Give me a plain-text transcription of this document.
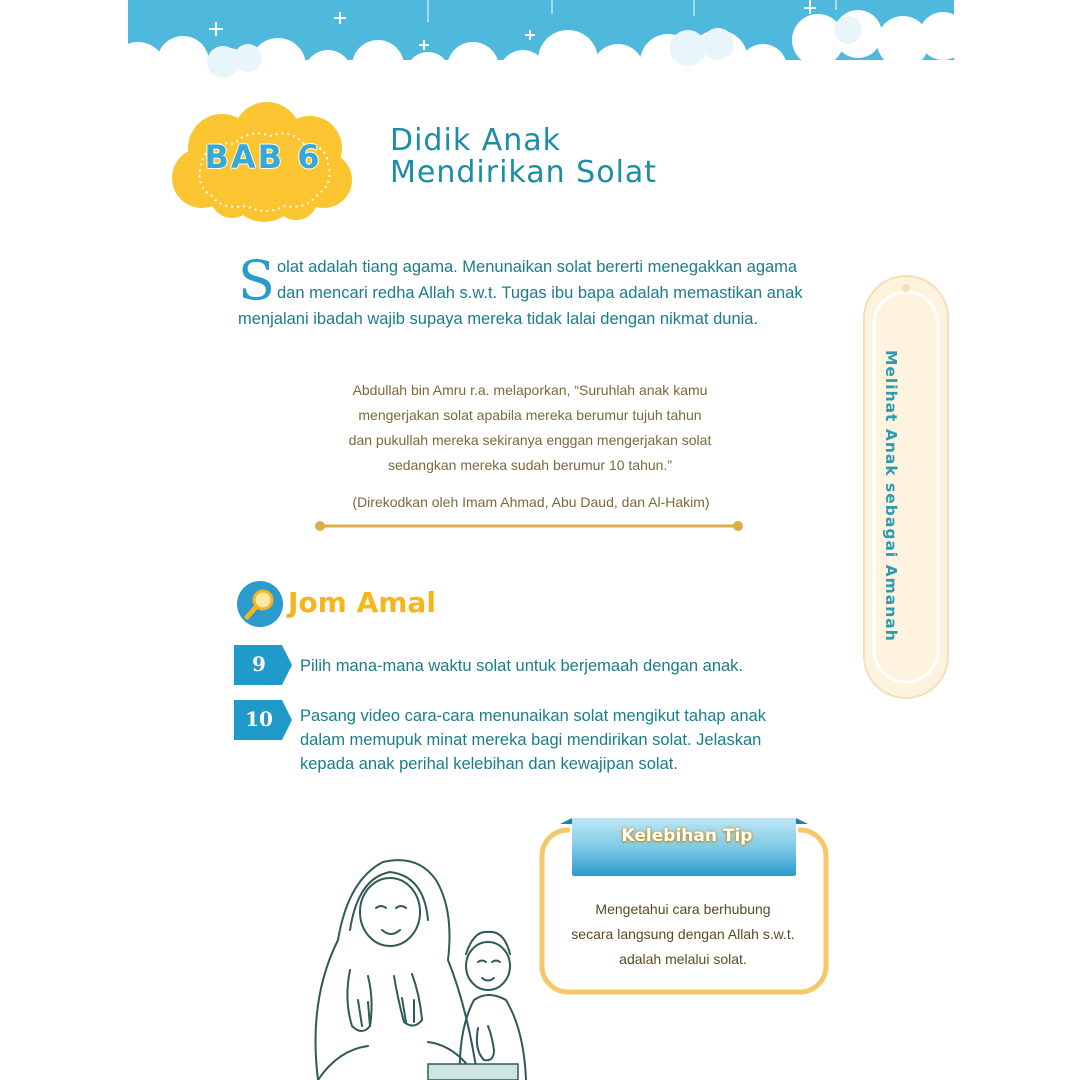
BAB 6	Didik Anak
Mendirikan Solat
Solat adalah tiang agama. Menunaikan solat bererti menegakkan agama dan mencari redha Allah s.w.t. Tugas ibu bapa adalah memastikan anak menjalani ibadah wajib supaya mereka tidak lalai dengan nikmat dunia.
Abdullah bin Amru r.a. melaporkan, “Suruhlah anak kamu
mengerjakan solat apabila mereka berumur tujuh tahun
dan pukullah mereka sekiranya enggan mengerjakan solat
sedangkan mereka sudah berumur 10 tahun.”
(Direkodkan oleh Imam Ahmad, Abu Daud, dan Al-Hakim)	Melihat Anak sebagai Amanah
Jom Amal
9	Pilih mana-mana waktu solat untuk berjemaah dengan anak.
10	Pasang video cara-cara menunaikan solat mengikut tahap anak
dalam memupuk minat mereka bagi mendirikan solat. Jelaskan
kepada anak perihal kelebihan dan kewajipan solat.
Kelebihan Tip
Mengetahui cara berhubung
secara langsung dengan Allah s.w.t.
adalah melalui solat.
